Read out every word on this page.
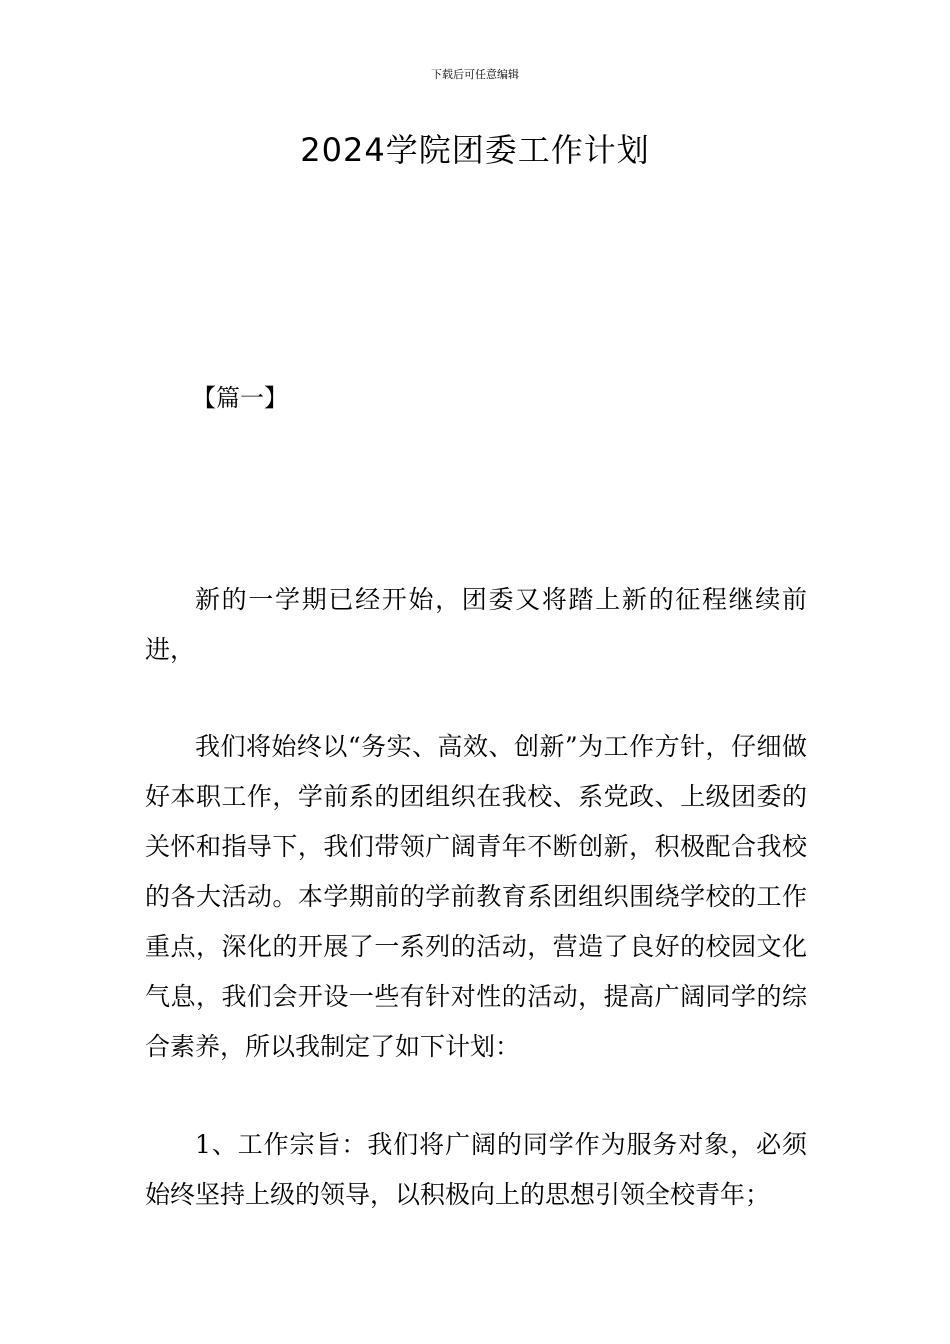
下载后可任意编辑
2024学院团委工作计划
【篇一】

新的一学期已经开始，团委又将踏上新的征程继续前进，

我们将始终以“务实、高效、创新”为工作方针，仔细做好本职工作，学前系的团组织在我校、系党政、上级团委的关怀和指导下，我们带领广阔青年不断创新，积极配合我校的各大活动。本学期前的学前教育系团组织围绕学校的工作重点，深化的开展了一系列的活动，营造了良好的校园文化气息，我们会开设一些有针对性的活动，提高广阔同学的综合素养，所以我制定了如下计划：

1、工作宗旨：我们将广阔的同学作为服务对象，必须始终坚持上级的领导，以积极向上的思想引领全校青年；
